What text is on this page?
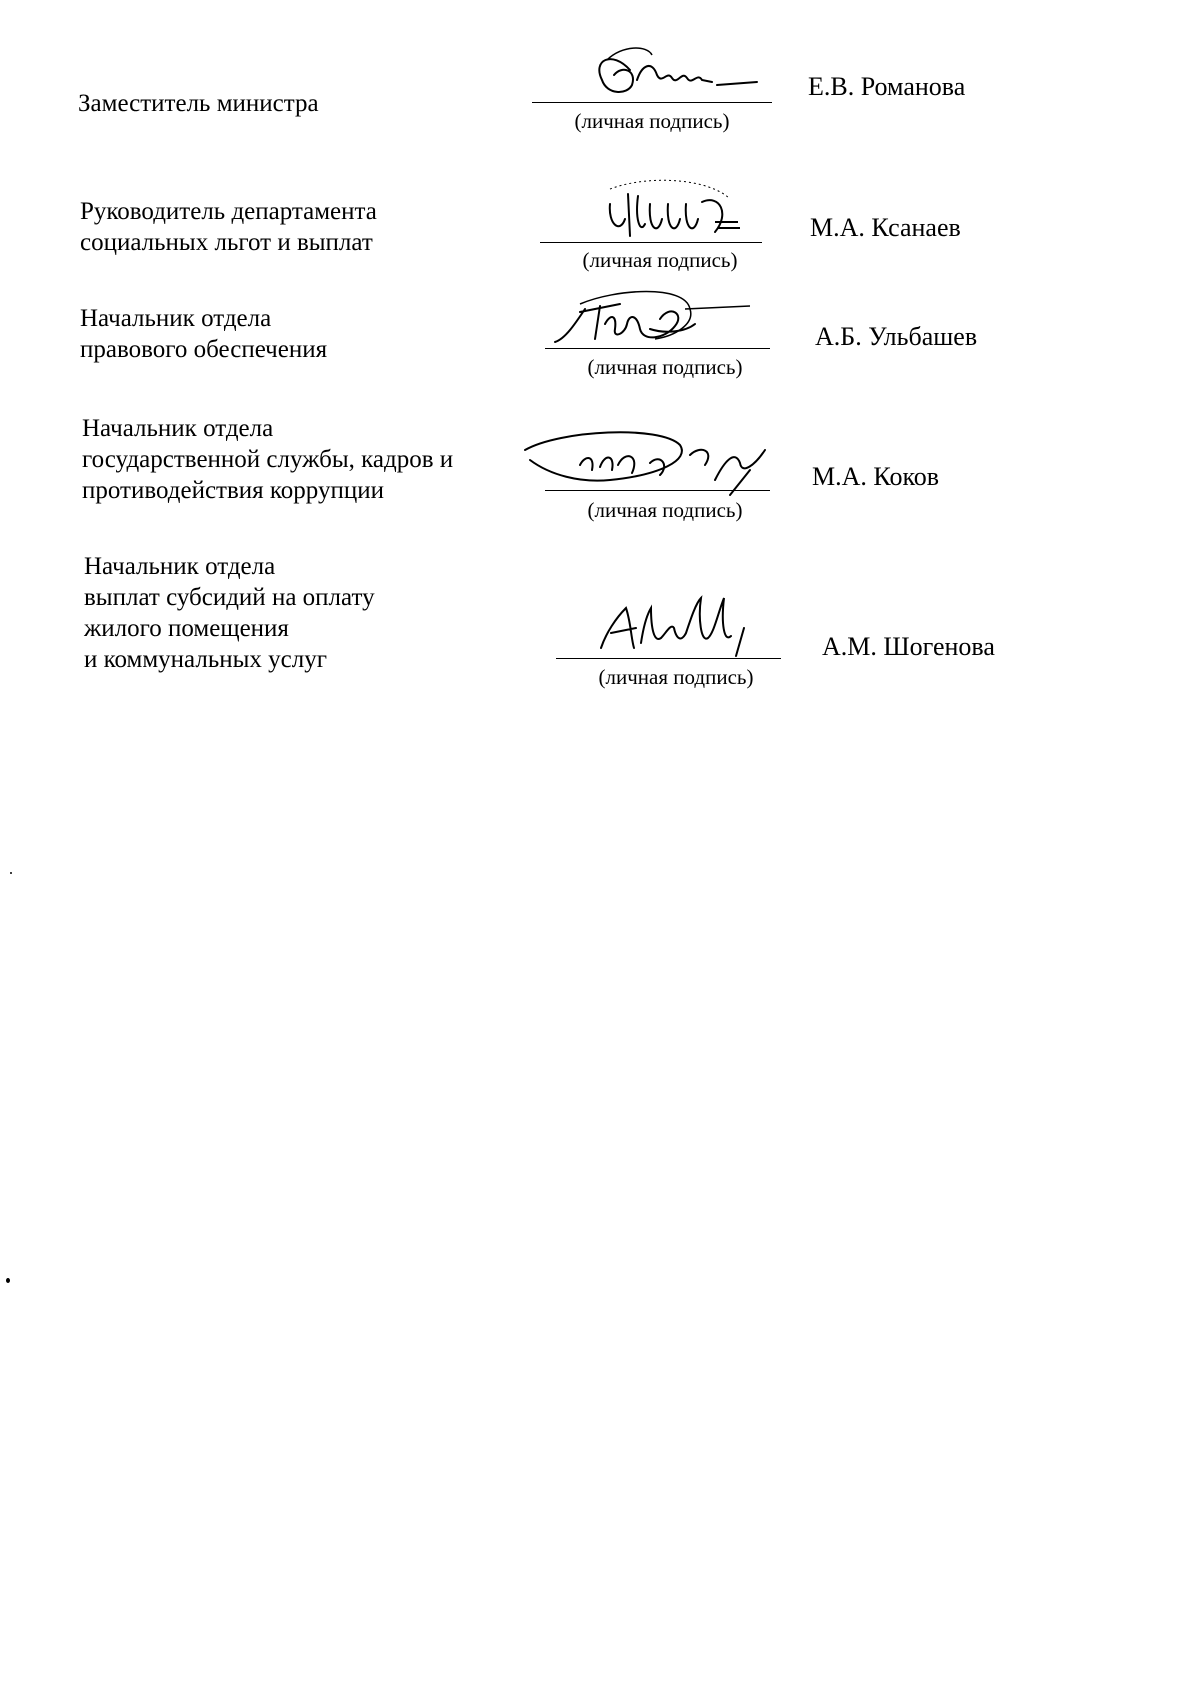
Заместитель министра
(личная подпись)
Е.В. Романова
Руководитель департамента
социальных льгот и выплат
(личная подпись)
М.А. Ксанаев
Начальник отдела
правового обеспечения
(личная подпись)
А.Б. Ульбашев
Начальник отдела
государственной службы, кадров и
противодействия коррупции
(личная подпись)
М.А. Коков
Начальник отдела
выплат субсидий на оплату
жилого помещения
и коммунальных услуг
(личная подпись)
А.М. Шогенова
